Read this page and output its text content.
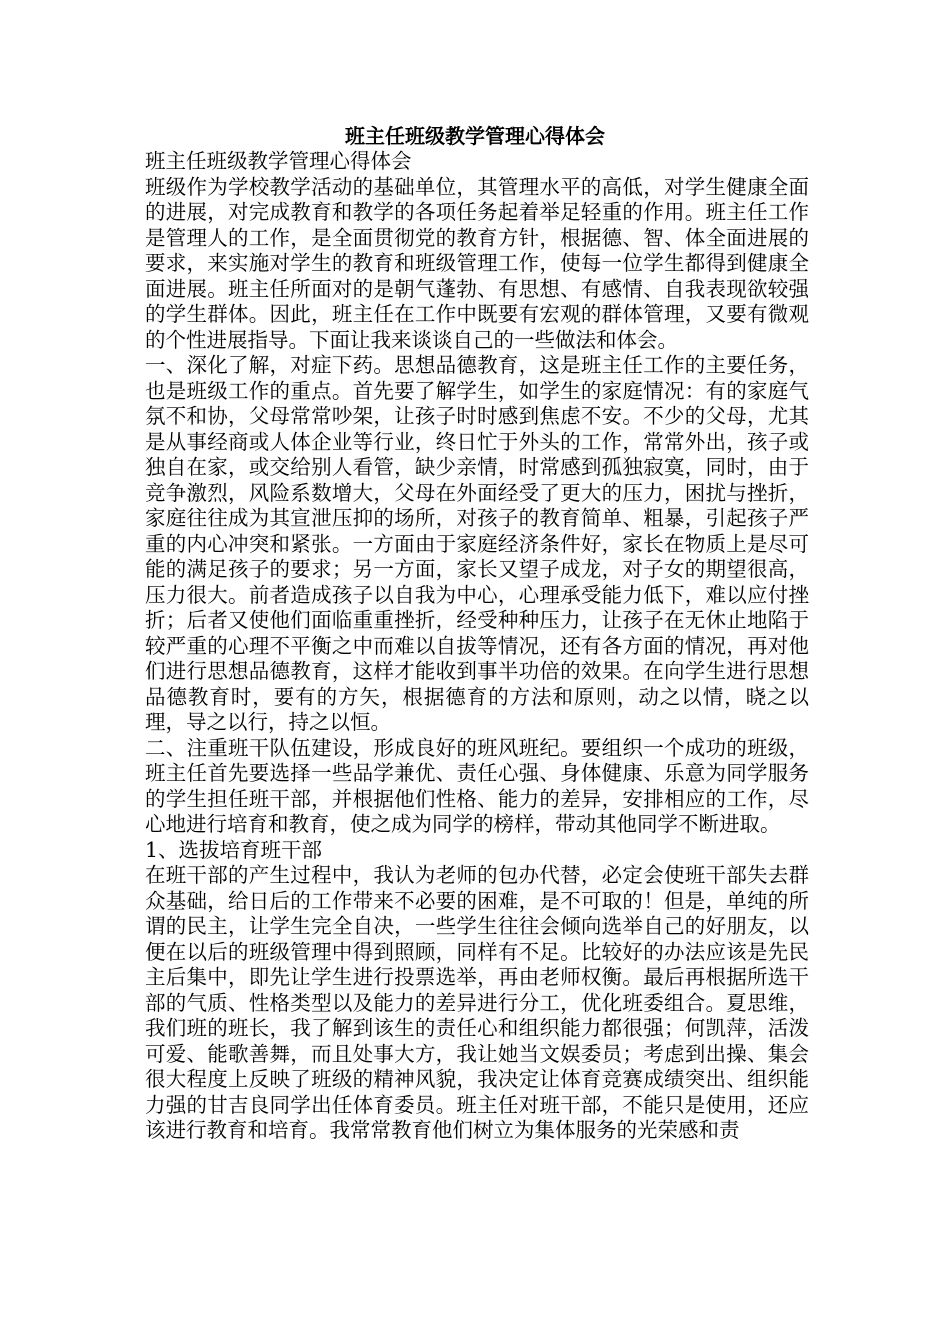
班主任班级教学管理心得体会

班主任班级教学管理心得体会

班级作为学校教学活动的基础单位，其管理水平的高低，对学生健康全面的进展，对完成教育和教学的各项任务起着举足轻重的作用。班主任工作是管理人的工作，是全面贯彻党的教育方针，根据德、智、体全面进展的要求，来实施对学生的教育和班级管理工作，使每一位学生都得到健康全面进展。班主任所面对的是朝气蓬勃、有思想、有感情、自我表现欲较强的学生群体。因此，班主任在工作中既要有宏观的群体管理，又要有微观的个性进展指导。下面让我来谈谈自己的一些做法和体会。

一、深化了解，对症下药。思想品德教育，这是班主任工作的主要任务，也是班级工作的重点。首先要了解学生，如学生的家庭情况：有的家庭气氛不和协，父母常常吵架，让孩子时时感到焦虑不安。不少的父母，尤其是从事经商或人体企业等行业，终日忙于外头的工作，常常外出，孩子或独自在家，或交给别人看管，缺少亲情，时常感到孤独寂寞，同时，由于竞争激烈，风险系数增大，父母在外面经受了更大的压力，困扰与挫折，家庭往往成为其宣泄压抑的场所，对孩子的教育简单、粗暴，引起孩子严重的内心冲突和紧张。一方面由于家庭经济条件好，家长在物质上是尽可能的满足孩子的要求；另一方面，家长又望子成龙，对子女的期望很高，压力很大。前者造成孩子以自我为中心，心理承受能力低下，难以应付挫折；后者又使他们面临重重挫折，经受种种压力，让孩子在无休止地陷于较严重的心理不平衡之中而难以自拔等情况，还有各方面的情况，再对他们进行思想品德教育，这样才能收到事半功倍的效果。在向学生进行思想品德教育时，要有的方矢，根据德育的方法和原则，动之以情，晓之以理，导之以行，持之以恒。

二、注重班干队伍建设，形成良好的班风班纪。要组织一个成功的班级，班主任首先要选择一些品学兼优、责任心强、身体健康、乐意为同学服务的学生担任班干部，并根据他们性格、能力的差异，安排相应的工作，尽心地进行培育和教育，使之成为同学的榜样，带动其他同学不断进取。

1、选拔培育班干部

在班干部的产生过程中，我认为老师的包办代替，必定会使班干部失去群众基础，给日后的工作带来不必要的困难，是不可取的！但是，单纯的所谓的民主，让学生完全自决，一些学生往往会倾向选举自己的好朋友，以便在以后的班级管理中得到照顾，同样有不足。比较好的办法应该是先民主后集中，即先让学生进行投票选举，再由老师权衡。最后再根据所选干部的气质、性格类型以及能力的差异进行分工，优化班委组合。夏思维，我们班的班长，我了解到该生的责任心和组织能力都很强；何凯萍，活泼可爱、能歌善舞，而且处事大方，我让她当文娱委员；考虑到出操、集会很大程度上反映了班级的精神风貌，我决定让体育竞赛成绩突出、组织能力强的甘吉良同学出任体育委员。班主任对班干部，不能只是使用，还应该进行教育和培育。我常常教育他们树立为集体服务的光荣感和责
